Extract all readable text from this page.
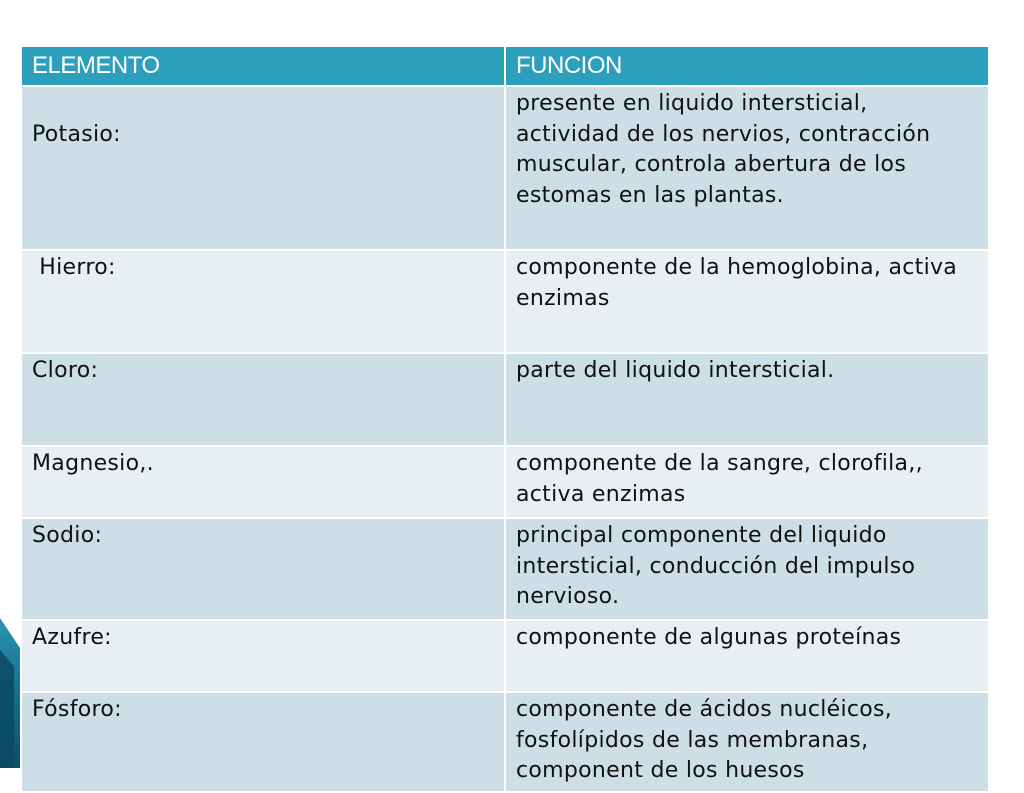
ELEMENTO	FUNCION
Potasio:	presente en liquido intersticial, actividad de los nervios, contracción muscular, controla abertura de los estomas en las plantas.
Hierro:	componente de la hemoglobina, activa enzimas
Cloro:	parte del liquido intersticial.
Magnesio,.	componente de la sangre, clorofila,, activa enzimas
Sodio:	principal componente del liquido intersticial, conducción del impulso nervioso.
Azufre:	componente de algunas proteínas
Fósforo:	componente de ácidos nucléicos, fosfolípidos de las membranas, component de los huesos
